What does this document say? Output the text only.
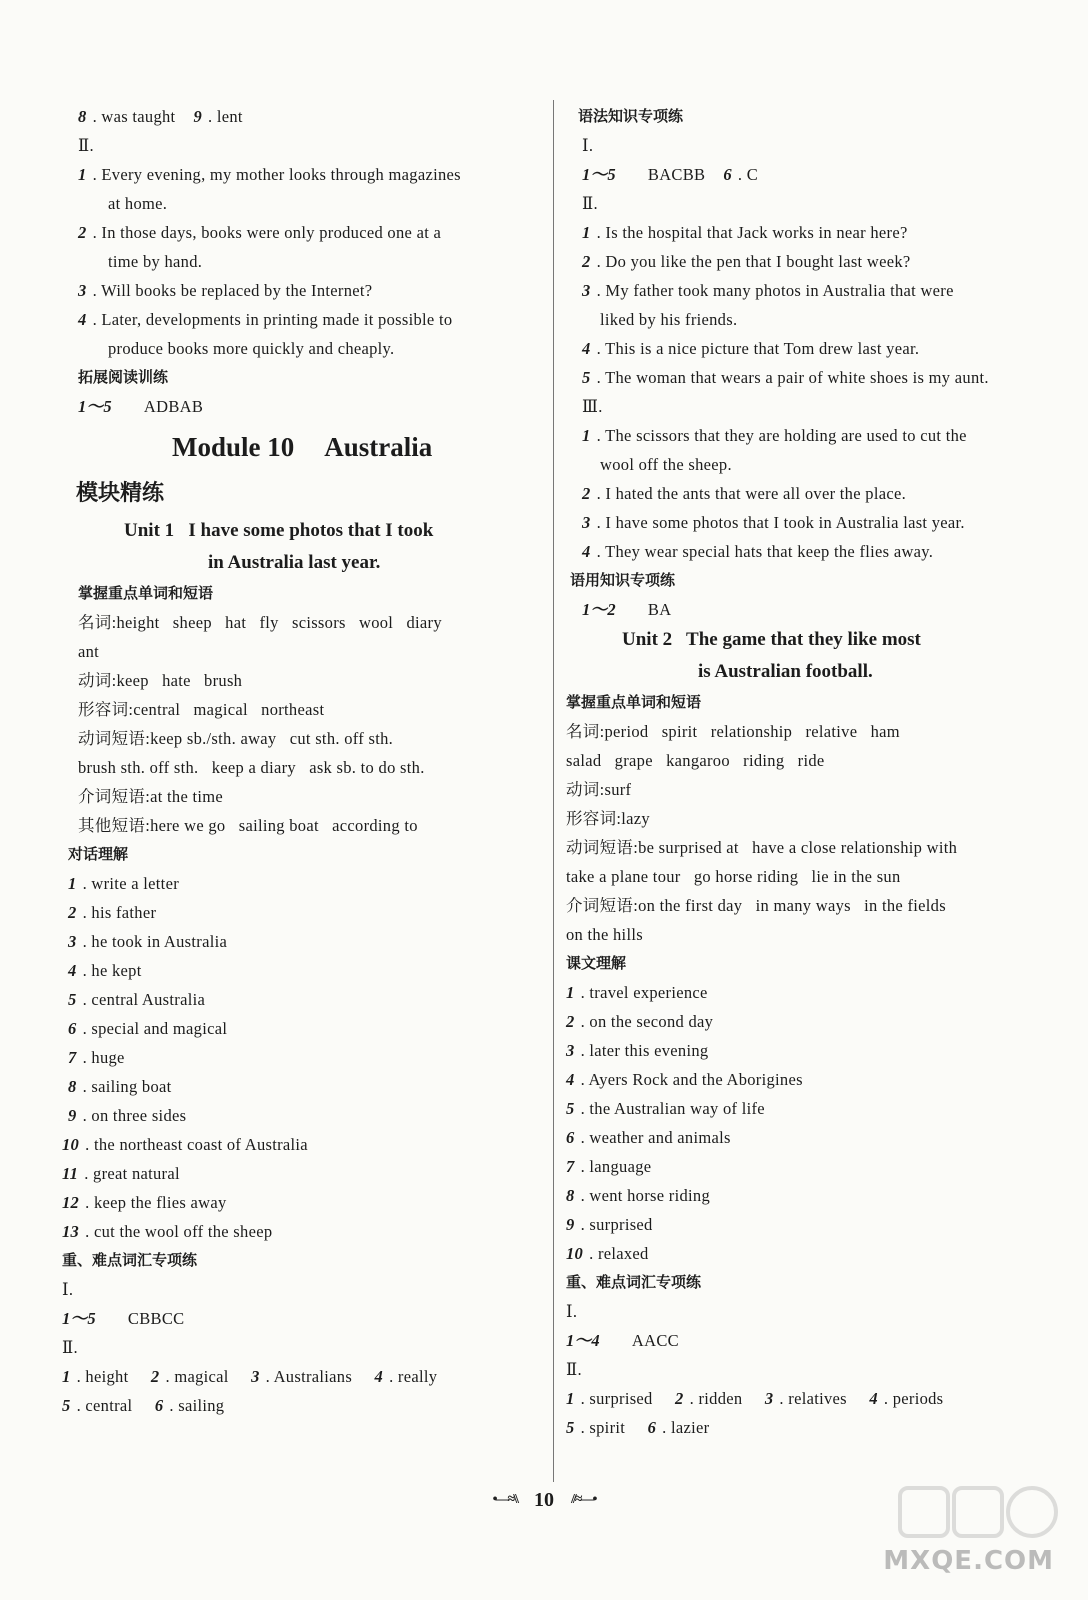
8 . was taught 9 . lent
Ⅱ.
1 . Every evening, my mother looks through magazines
at home.
2 . In those days, books were only produced one at a
time by hand.
3 . Will books be replaced by the Internet?
4 . Later, developments in printing made it possible to
produce books more quickly and cheaply.
拓展阅读训练
1～5 ADBAB
Module 10 Australia
模块精练
Unit 1   I have some photos that I took
in Australia last year.
掌握重点单词和短语
名词:height   sheep   hat   fly   scissors   wool   diary
ant
动词:keep   hate   brush
形容词:central   magical   northeast
动词短语:keep sb./sth. away   cut sth. off sth.
brush sth. off sth.   keep a diary   ask sb. to do sth.
介词短语:at the time
其他短语:here we go   sailing boat   according to
对话理解
1 . write a letter
2 . his father
3 . he took in Australia
4 . he kept
5 . central Australia
6 . special and magical
7 . huge
8 . sailing boat
9 . on three sides
10 . the northeast coast of Australia
11 . great natural
12 . keep the flies away
13 . cut the wool off the sheep
重、难点词汇专项练
Ⅰ.
1～5 CBBCC
Ⅱ.
1 . height 2 . magical 3 . Australians 4 . really
5 . central 6 . sailing
语法知识专项练
Ⅰ.
1～5 BACBB 6 . C
Ⅱ.
1 . Is the hospital that Jack works in near here?
2 . Do you like the pen that I bought last week?
3 . My father took many photos in Australia that were
liked by his friends.
4 . This is a nice picture that Tom drew last year.
5 . The woman that wears a pair of white shoes is my aunt.
Ⅲ.
1 . The scissors that they are holding are used to cut the
wool off the sheep.
2 . I hated the ants that were all over the place.
3 . I have some photos that I took in Australia last year.
4 . They wear special hats that keep the flies away.
语用知识专项练
1～2 BA
Unit 2   The game that they like most
is Australian football.
掌握重点单词和短语
名词:period   spirit   relationship   relative   ham
salad   grape   kangaroo   riding   ride
动词:surf
形容词:lazy
动词短语:be surprised at   have a close relationship with
take a plane tour   go horse riding   lie in the sun
介词短语:on the first day   in many ways   in the fields
on the hills
课文理解
1 . travel experience
2 . on the second day
3 . later this evening
4 . Ayers Rock and the Aborigines
5 . the Australian way of life
6 . weather and animals
7 . language
8 . went horse riding
9 . surprised
10 . relaxed
重、难点词汇专项练
Ⅰ.
1～4 AACC
Ⅱ.
1 . surprised 2 . ridden 3 . relatives 4 . periods
5 . spirit 6 . lazier
•—≈\\ 10 //≈—•
MXQE.COM
